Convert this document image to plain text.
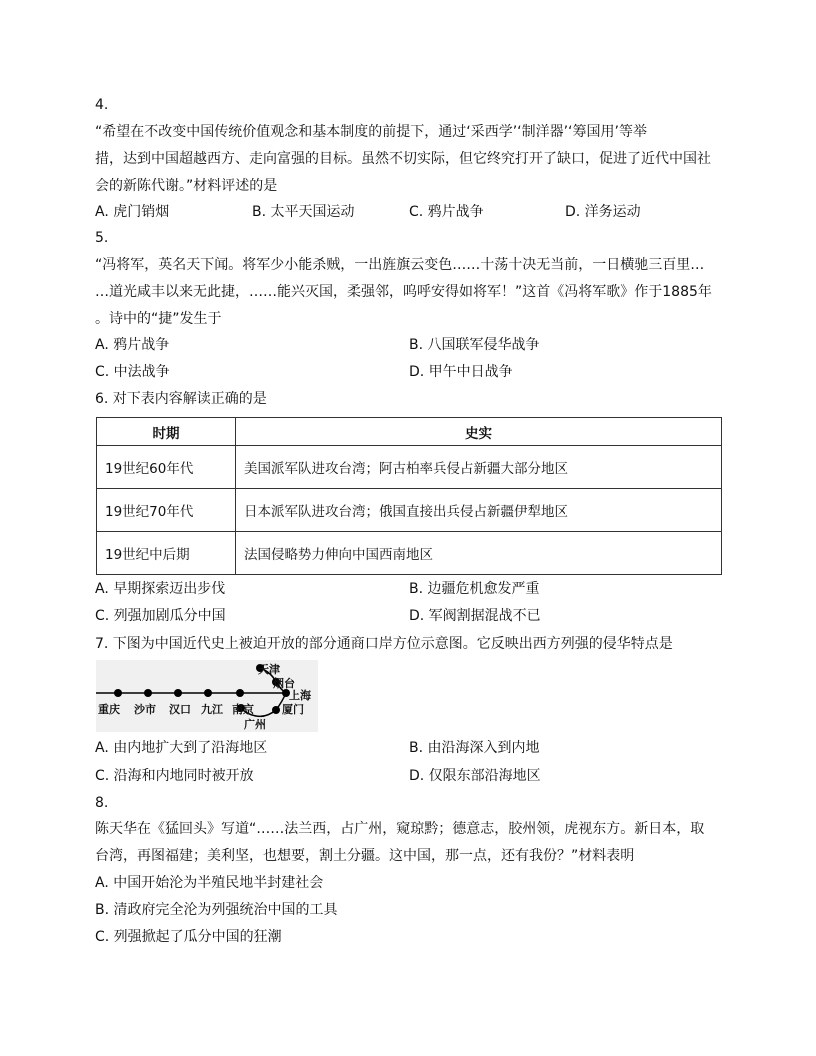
4.
“希望在不改变中国传统价值观念和基本制度的前提下，通过‘采西学’‘制洋器’‘筹国用’等举
措，达到中国超越西方、走向富强的目标。虽然不切实际，但它终究打开了缺口，促进了近代中国社
会的新陈代谢。”材料评述的是
A. 虎门销烟	B. 太平天国运动	C. 鸦片战争	D. 洋务运动
5.
“冯将军，英名天下闻。将军少小能杀贼，一出旌旗云变色……十荡十决无当前，一日横驰三百里…
…道光咸丰以来无此捷，……能兴灭国，柔强邻，呜呼安得如将军！”这首《冯将军歌》作于1885年
。诗中的“捷”发生于
A. 鸦片战争	B. 八国联军侵华战争
C. 中法战争	D. 甲午中日战争
6. 对下表内容解读正确的是
时期	史实
19世纪60年代	美国派军队进攻台湾；阿古柏率兵侵占新疆大部分地区
19世纪70年代	日本派军队进攻台湾；俄国直接出兵侵占新疆伊犁地区
19世纪中后期	法国侵略势力伸向中国西南地区
A. 早期探索迈出步伐	B. 边疆危机愈发严重
C. 列强加剧瓜分中国	D. 军阀割据混战不已
7. 下图为中国近代史上被迫开放的部分通商口岸方位示意图。它反映出西方列强的侵华特点是
重庆 沙市 汉口 九江 南京
天津
烟台
上海
厦门
广州
A. 由内地扩大到了沿海地区	B. 由沿海深入到内地
C. 沿海和内地同时被开放	D. 仅限东部沿海地区
8.
陈天华在《猛回头》写道“……法兰西，占广州，窥琼黔；德意志，胶州领，虎视东方。新日本，取
台湾，再图福建；美利坚，也想要，割土分疆。这中国，那一点，还有我份？”材料表明
A. 中国开始沦为半殖民地半封建社会
B. 清政府完全沦为列强统治中国的工具
C. 列强掀起了瓜分中国的狂潮
